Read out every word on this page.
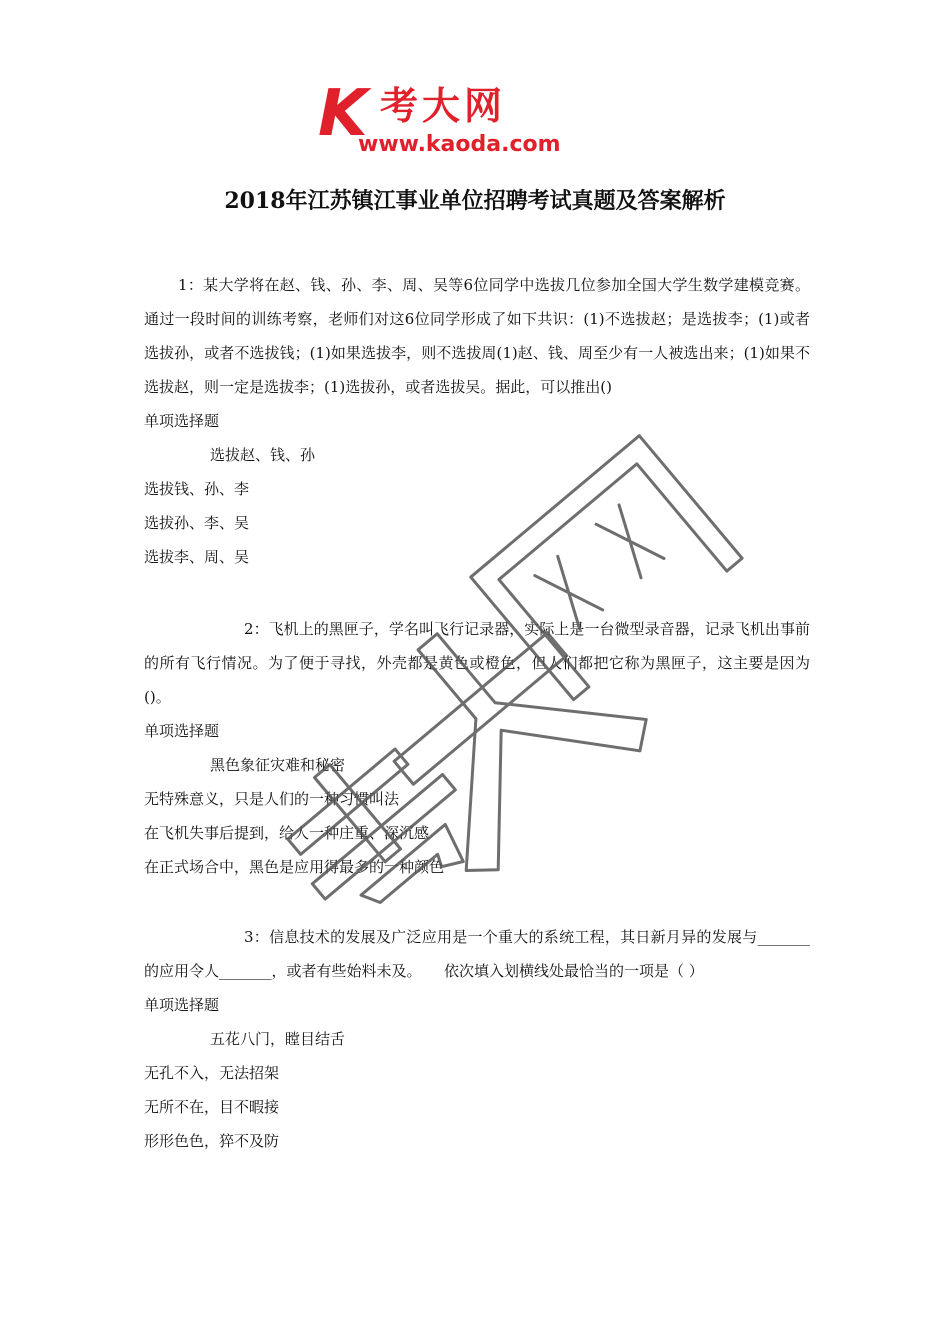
K 考大网
www.kaoda.com
2018年江苏镇江事业单位招聘考试真题及答案解析

1：某大学将在赵、钱、孙、李、周、吴等6位同学中选拔几位参加全国大学生数学建模竞赛。通过一段时间的训练考察，老师们对这6位同学形成了如下共识：(1)不选拔赵；是选拔李；(1)或者选拔孙，或者不选拔钱；(1)如果选拔李，则不选拔周(1)赵、钱、周至少有一人被选出来；(1)如果不选拔赵，则一定是选拔李；(1)选拔孙，或者选拔吴。据此，可以推出()

单项选择题

选拔赵、钱、孙

选拔钱、孙、李

选拔孙、李、吴

选拔李、周、吴

2：飞机上的黑匣子，学名叫飞行记录器，实际上是一台微型录音器，记录飞机出事前的所有飞行情况。为了便于寻找，外壳都是黄色或橙色，但人们都把它称为黑匣子，这主要是因为()。

单项选择题

黑色象征灾难和秘密

无特殊意义，只是人们的一种习惯叫法

在飞机失事后提到，给人一种庄重、深沉感

在正式场合中，黑色是应用得最多的一种颜色

3：信息技术的发展及广泛应用是一个重大的系统工程，其日新月异的发展与_______的应用令人_______，或者有些始料未及。　　依次填入划横线处最恰当的一项是（ ）

单项选择题

五花八门，瞠目结舌

无孔不入，无法招架

无所不在，目不暇接

形形色色，猝不及防
